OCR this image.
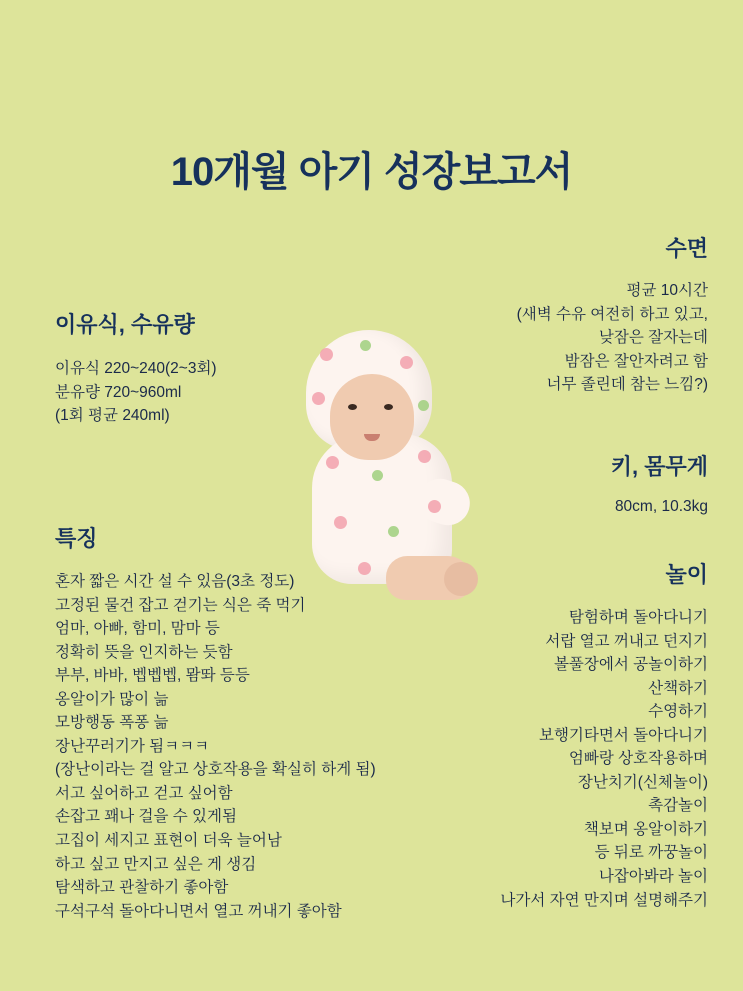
10개월 아기 성장보고서
이유식, 수유량
이유식 220~240(2~3회)
분유량 720~960ml
(1회 평균 240ml)
수면
평균 10시간
(새벽 수유 여전히 하고 있고,
낮잠은 잘자는데
밤잠은 잘안자려고 함
너무 졸린데 참는 느낌?)
키, 몸무게
80cm, 10.3kg
특징
혼자 짧은 시간 설 수 있음(3초 정도)
고정된 물건 잡고 걷기는 식은 죽 먹기
엄마, 아빠, 함미, 맘마 등
정확히 뜻을 인지하는 듯함
부부, 바바, 벱벱벱, 뫔똬 등등
옹알이가 많이 늚
모방행동 폭퐁 늚
장난꾸러기가 됨ㅋㅋㅋ
(장난이라는 걸 알고 상호작용을 확실히 하게 됨)
서고 싶어하고 걷고 싶어함
손잡고 꽤나 걸을 수 있게됨
고집이 세지고 표현이 더욱 늘어남
하고 싶고 만지고 싶은 게 생김
탐색하고 관찰하기 좋아함
구석구석 돌아다니면서 열고 꺼내기 좋아함
놀이
탐험하며 돌아다니기
서랍 열고 꺼내고 던지기
볼풀장에서 공놀이하기
산책하기
수영하기
보행기타면서 돌아다니기
엄빠랑 상호작용하며
장난치기(신체놀이)
촉감놀이
책보며 옹알이하기
등 뒤로 까꿍놀이
나잡아봐라 놀이
나가서 자연 만지며 설명해주기
